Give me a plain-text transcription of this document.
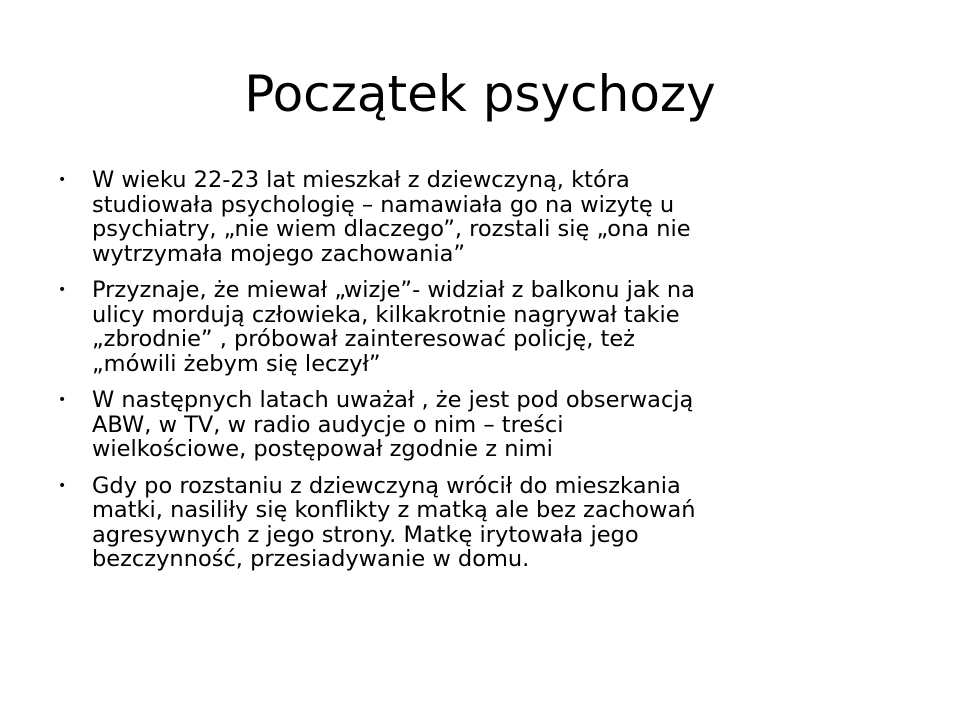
Początek psychozy
•	W wieku 22-23 lat mieszkał z dziewczyną, która
studiowała psychologię – namawiała go na wizytę u
psychiatry, „nie wiem dlaczego”, rozstali się „ona nie
wytrzymała mojego zachowania”
•	Przyznaje, że miewał „wizje”- widział z balkonu jak na
ulicy mordują człowieka, kilkakrotnie nagrywał takie
„zbrodnie” , próbował zainteresować policję, też
„mówili żebym się leczył”
•	W następnych latach uważał , że jest pod obserwacją
ABW, w TV, w radio audycje o nim – treści
wielkościowe, postępował zgodnie z nimi
•	Gdy po rozstaniu z dziewczyną wrócił do mieszkania
matki, nasiliły się konflikty z matką ale bez zachowań
agresywnych z jego strony. Matkę irytowała jego
bezczynność, przesiadywanie w domu.
